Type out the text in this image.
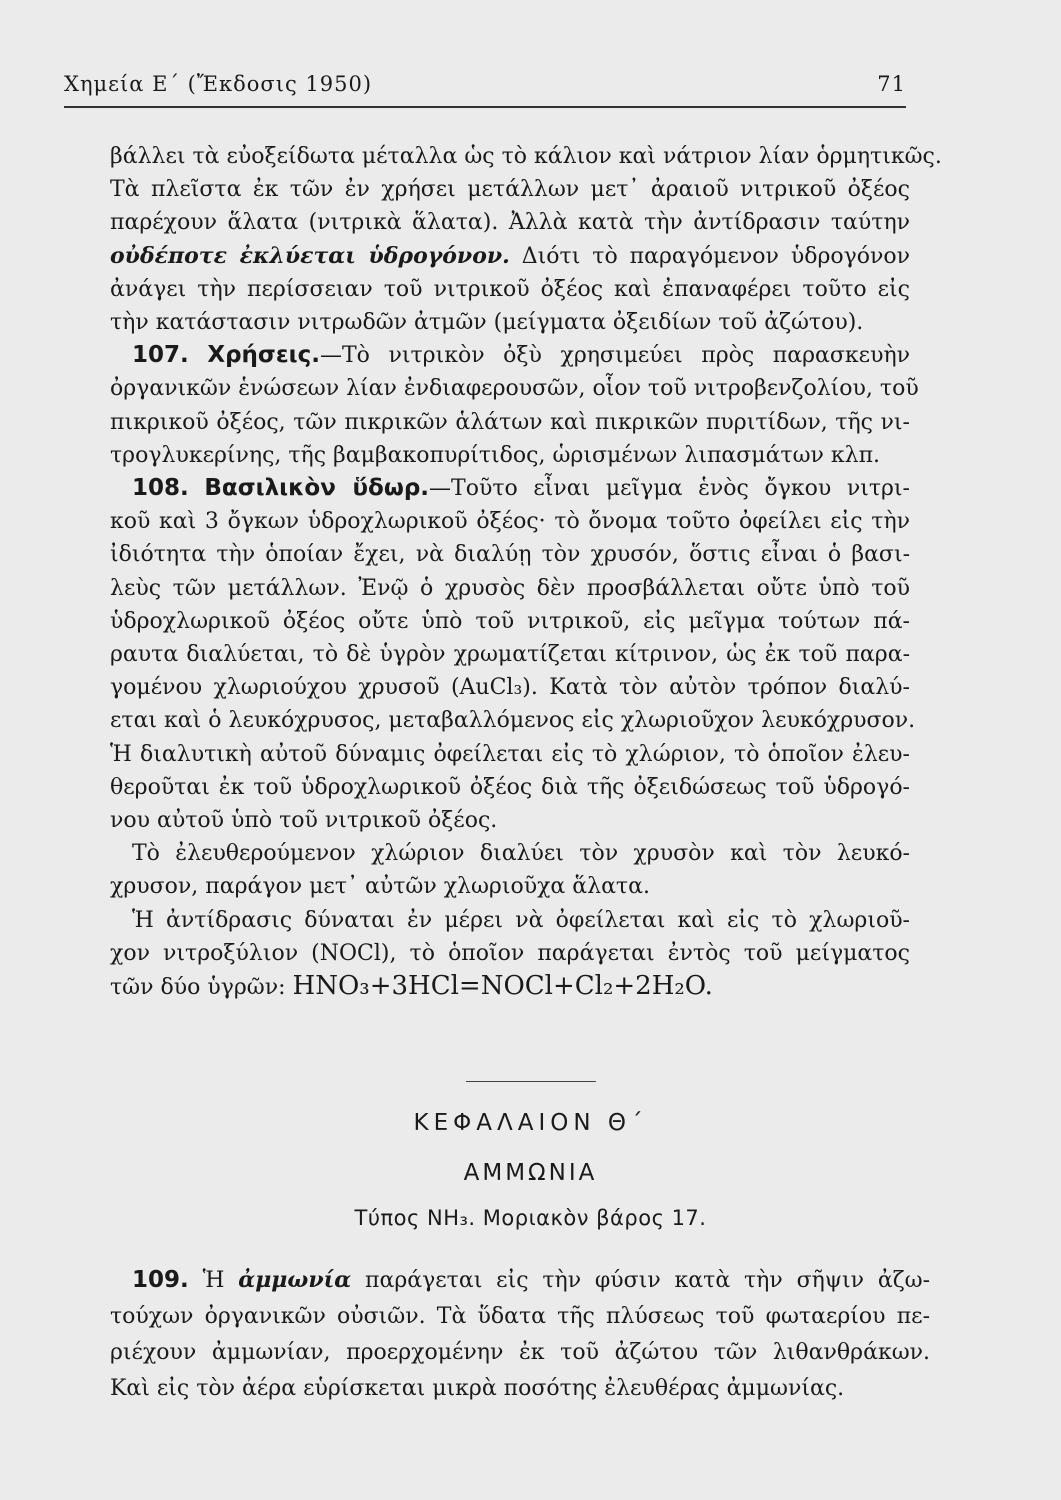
Χημεία Ε΄ (Ἔκδοσις 1950)	71
βάλλει τὰ εὐοξείδωτα μέταλλα ὡς τὸ κάλιον καὶ νάτριον λίαν ὁρμητικῶς.
Τὰ πλεῖστα ἐκ τῶν ἐν χρήσει μετάλλων μετ᾽ ἀραιοῦ νιτρικοῦ ὀξέος
παρέχουν ἅλατα (νιτρικὰ ἅλατα). Ἀλλὰ κατὰ τὴν ἀντίδρασιν ταύτην
οὐδέποτε ἐκλύεται ὑδρογόνον. Διότι τὸ παραγόμενον ὑδρογόνον
ἀνάγει τὴν περίσσειαν τοῦ νιτρικοῦ ὀξέος καὶ ἐπαναφέρει τοῦτο εἰς
τὴν κατάστασιν νιτρωδῶν ἀτμῶν (μείγματα ὀξειδίων τοῦ ἀζώτου).
107. Χρήσεις.—Τὸ νιτρικὸν ὀξὺ χρησιμεύει πρὸς παρασκευὴν
ὀργανικῶν ἑνώσεων λίαν ἐνδιαφερουσῶν, οἷον τοῦ νιτροβενζολίου, τοῦ
πικρικοῦ ὀξέος, τῶν πικρικῶν ἁλάτων καὶ πικρικῶν πυριτίδων, τῆς νι-
τρογλυκερίνης, τῆς βαμβακοπυρίτιδος, ὡρισμένων λιπασμάτων κλπ.
108. Βασιλικὸν ὕδωρ.—Τοῦτο εἶναι μεῖγμα ἑνὸς ὄγκου νιτρι-
κοῦ καὶ 3 ὄγκων ὑδροχλωρικοῦ ὀξέος· τὸ ὄνομα τοῦτο ὀφείλει εἰς τὴν
ἰδιότητα τὴν ὁποίαν ἔχει, νὰ διαλύῃ τὸν χρυσόν, ὅστις εἶναι ὁ βασι-
λεὺς τῶν μετάλλων. Ἐνῷ ὁ χρυσὸς δὲν προσβάλλεται οὔτε ὑπὸ τοῦ
ὑδροχλωρικοῦ ὀξέος οὔτε ὑπὸ τοῦ νιτρικοῦ, εἰς μεῖγμα τούτων πά-
ραυτα διαλύεται, τὸ δὲ ὑγρὸν χρωματίζεται κίτρινον, ὡς ἐκ τοῦ παρα-
γομένου χλωριούχου χρυσοῦ (AuCl₃). Κατὰ τὸν αὐτὸν τρόπον διαλύ-
εται καὶ ὁ λευκόχρυσος, μεταβαλλόμενος εἰς χλωριοῦχον λευκόχρυσον.
Ἡ διαλυτικὴ αὐτοῦ δύναμις ὀφείλεται εἰς τὸ χλώριον, τὸ ὁποῖον ἐλευ-
θεροῦται ἐκ τοῦ ὑδροχλωρικοῦ ὀξέος διὰ τῆς ὀξειδώσεως τοῦ ὑδρογό-
νου αὐτοῦ ὑπὸ τοῦ νιτρικοῦ ὀξέος.
Τὸ ἐλευθερούμενον χλώριον διαλύει τὸν χρυσὸν καὶ τὸν λευκό-
χρυσον, παράγον μετ᾽ αὐτῶν χλωριοῦχα ἅλατα.
Ἡ ἀντίδρασις δύναται ἐν μέρει νὰ ὀφείλεται καὶ εἰς τὸ χλωριοῦ-
χον νιτροξύλιον (NOCl), τὸ ὁποῖον παράγεται ἐντὸς τοῦ μείγματος
τῶν δύο ὑγρῶν: HNO₃+3HCl=NOCl+Cl₂+2H₂O.
ΚΕΦΑΛΑΙΟΝ Θ΄
ΑΜΜΩΝΙΑ
Τύπος NH₃. Μοριακὸν βάρος 17.
109. Ἡ ἀμμωνία παράγεται εἰς τὴν φύσιν κατὰ τὴν σῆψιν ἀζω-
τούχων ὀργανικῶν οὐσιῶν. Τὰ ὕδατα τῆς πλύσεως τοῦ φωταερίου πε-
ριέχουν ἀμμωνίαν, προερχομένην ἐκ τοῦ ἀζώτου τῶν λιθανθράκων.
Καὶ εἰς τὸν ἀέρα εὑρίσκεται μικρὰ ποσότης ἐλευθέρας ἀμμωνίας.
